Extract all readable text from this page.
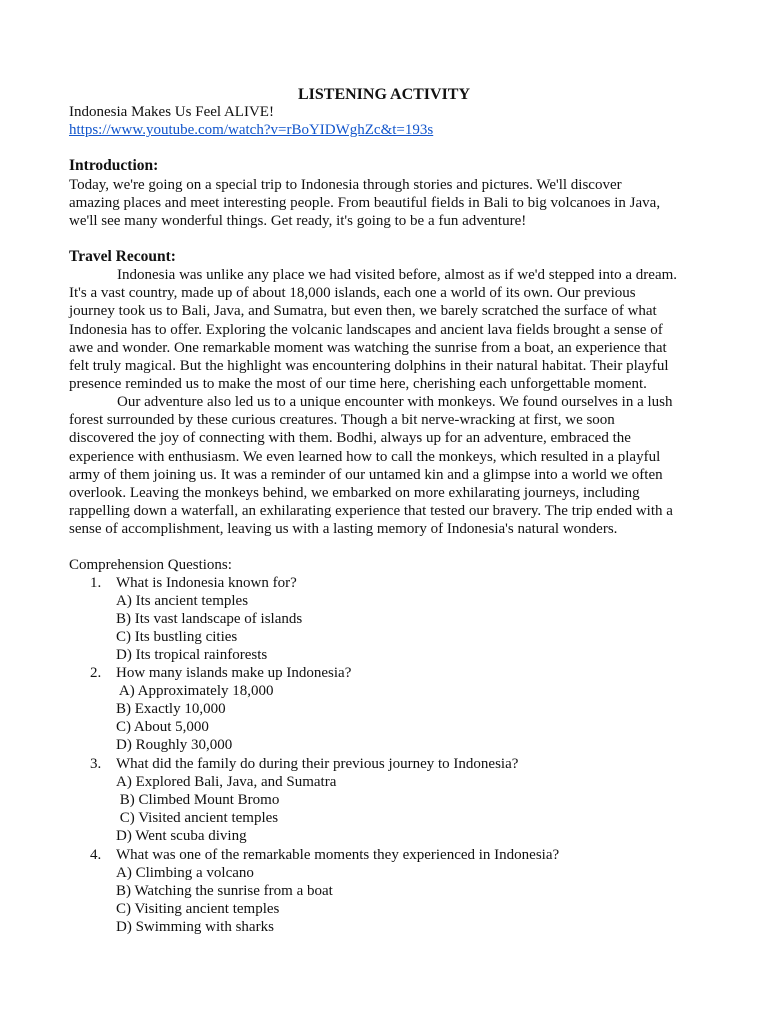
LISTENING ACTIVITY
Indonesia Makes Us Feel ALIVE!
https://www.youtube.com/watch?v=rBoYIDWghZc&t=193s
Introduction:
Today, we're going on a special trip to Indonesia through stories and pictures. We'll discover
amazing places and meet interesting people. From beautiful fields in Bali to big volcanoes in Java,
we'll see many wonderful things. Get ready, it's going to be a fun adventure!
Travel Recount:
Indonesia was unlike any place we had visited before, almost as if we'd stepped into a dream.
It's a vast country, made up of about 18,000 islands, each one a world of its own. Our previous
journey took us to Bali, Java, and Sumatra, but even then, we barely scratched the surface of what
Indonesia has to offer. Exploring the volcanic landscapes and ancient lava fields brought a sense of
awe and wonder. One remarkable moment was watching the sunrise from a boat, an experience that
felt truly magical. But the highlight was encountering dolphins in their natural habitat. Their playful
presence reminded us to make the most of our time here, cherishing each unforgettable moment.
Our adventure also led us to a unique encounter with monkeys. We found ourselves in a lush
forest surrounded by these curious creatures. Though a bit nerve-wracking at first, we soon
discovered the joy of connecting with them. Bodhi, always up for an adventure, embraced the
experience with enthusiasm. We even learned how to call the monkeys, which resulted in a playful
army of them joining us. It was a reminder of our untamed kin and a glimpse into a world we often
overlook. Leaving the monkeys behind, we embarked on more exhilarating journeys, including
rappelling down a waterfall, an exhilarating experience that tested our bravery. The trip ended with a
sense of accomplishment, leaving us with a lasting memory of Indonesia's natural wonders.
Comprehension Questions:
1. What is Indonesia known for?
A) Its ancient temples
B) Its vast landscape of islands
C) Its bustling cities
D) Its tropical rainforests
2. How many islands make up Indonesia?
A) Approximately 18,000
B) Exactly 10,000
C) About 5,000
D) Roughly 30,000
3. What did the family do during their previous journey to Indonesia?
A) Explored Bali, Java, and Sumatra
B) Climbed Mount Bromo
C) Visited ancient temples
D) Went scuba diving
4. What was one of the remarkable moments they experienced in Indonesia?
A) Climbing a volcano
B) Watching the sunrise from a boat
C) Visiting ancient temples
D) Swimming with sharks
